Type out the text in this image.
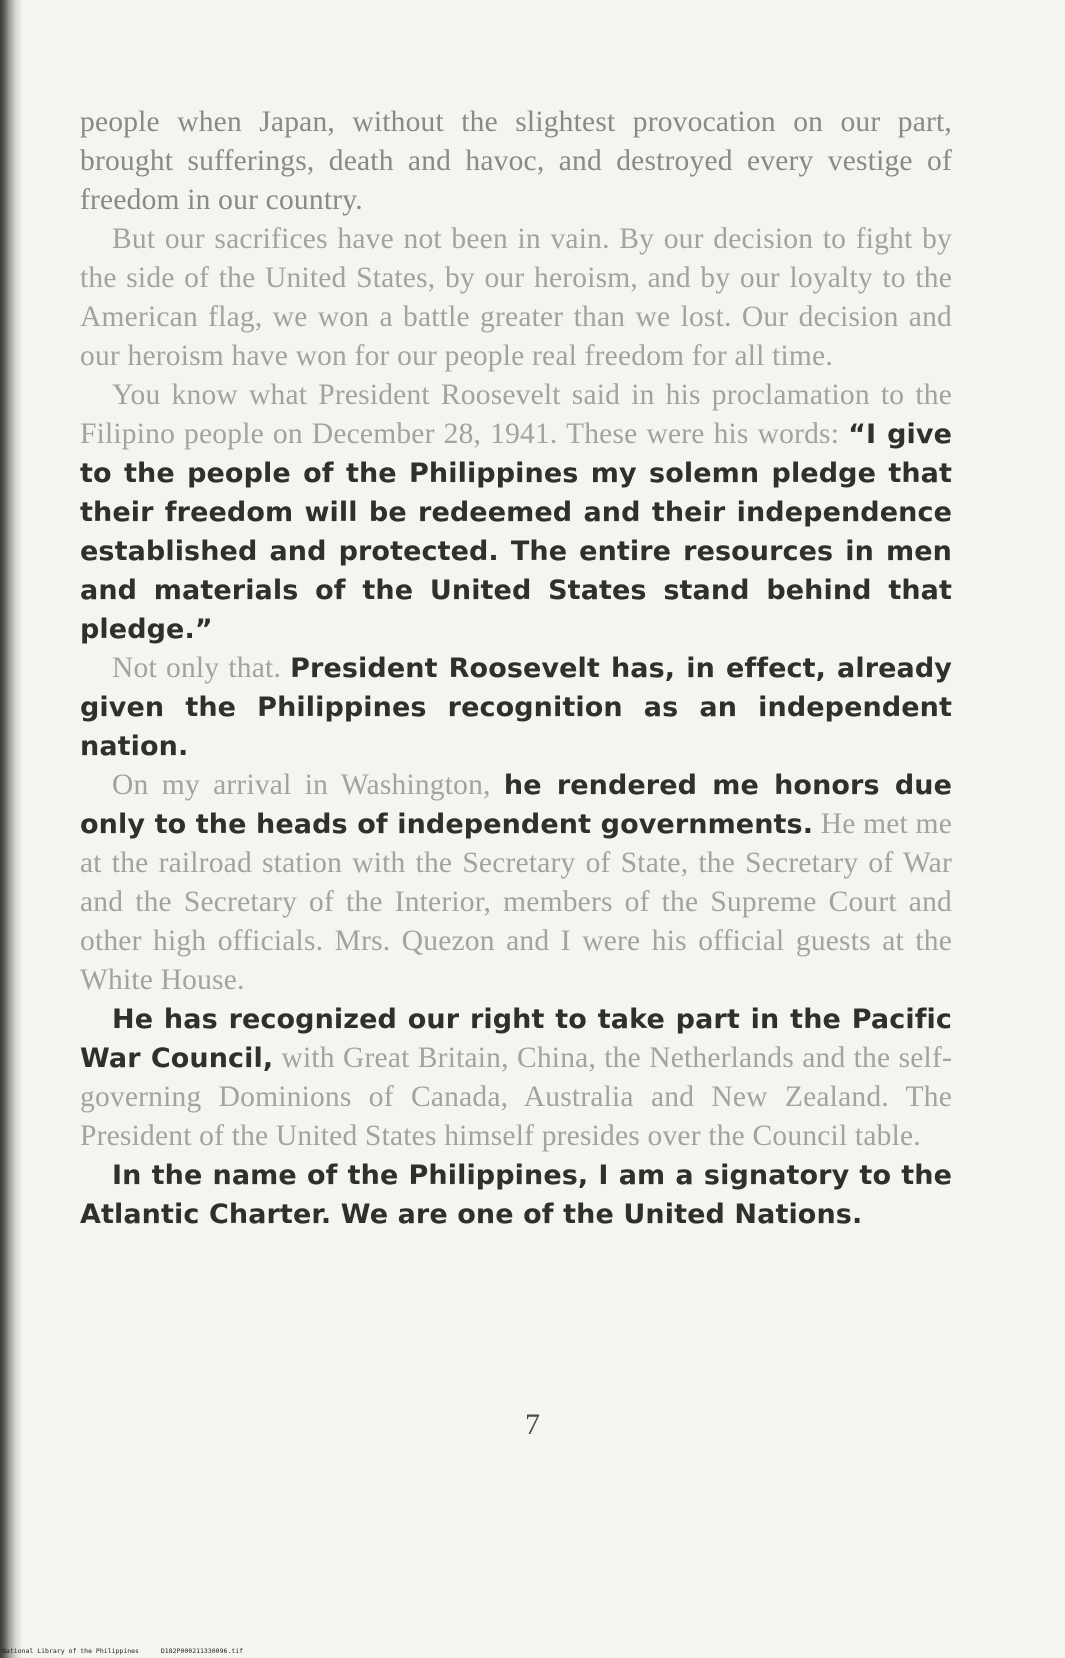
people when Japan, without the slightest provocation on our part, brought sufferings, death and havoc, and destroyed every vestige of freedom in our country.

But our sacrifices have not been in vain. By our decision to fight by the side of the United States, by our heroism, and by our loyalty to the American flag, we won a battle greater than we lost. Our decision and our heroism have won for our people real freedom for all time.

You know what President Roosevelt said in his proclamation to the Filipino people on December 28, 1941. These were his words: “I give to the people of the Philippines my solemn pledge that their freedom will be redeemed and their independence established and protected. The entire resources in men and materials of the United States stand behind that pledge.”

Not only that. President Roosevelt has, in effect, already given the Philippines recognition as an independent nation.

On my arrival in Washington, he rendered me honors due only to the heads of independent governments. He met me at the railroad station with the Secretary of State, the Secretary of War and the Secretary of the Interior, members of the Supreme Court and other high officials. Mrs. Quezon and I were his official guests at the White House.

He has recognized our right to take part in the Pacific War Council, with Great Britain, China, the Netherlands and the self-governing Dominions of Canada, Australia and New Zealand. The President of the United States himself presides over the Council table.

In the name of the Philippines, I am a signatory to the Atlantic Charter. We are one of the United Nations.

7
National Library of the Philippines	D182P000211330096.tif
